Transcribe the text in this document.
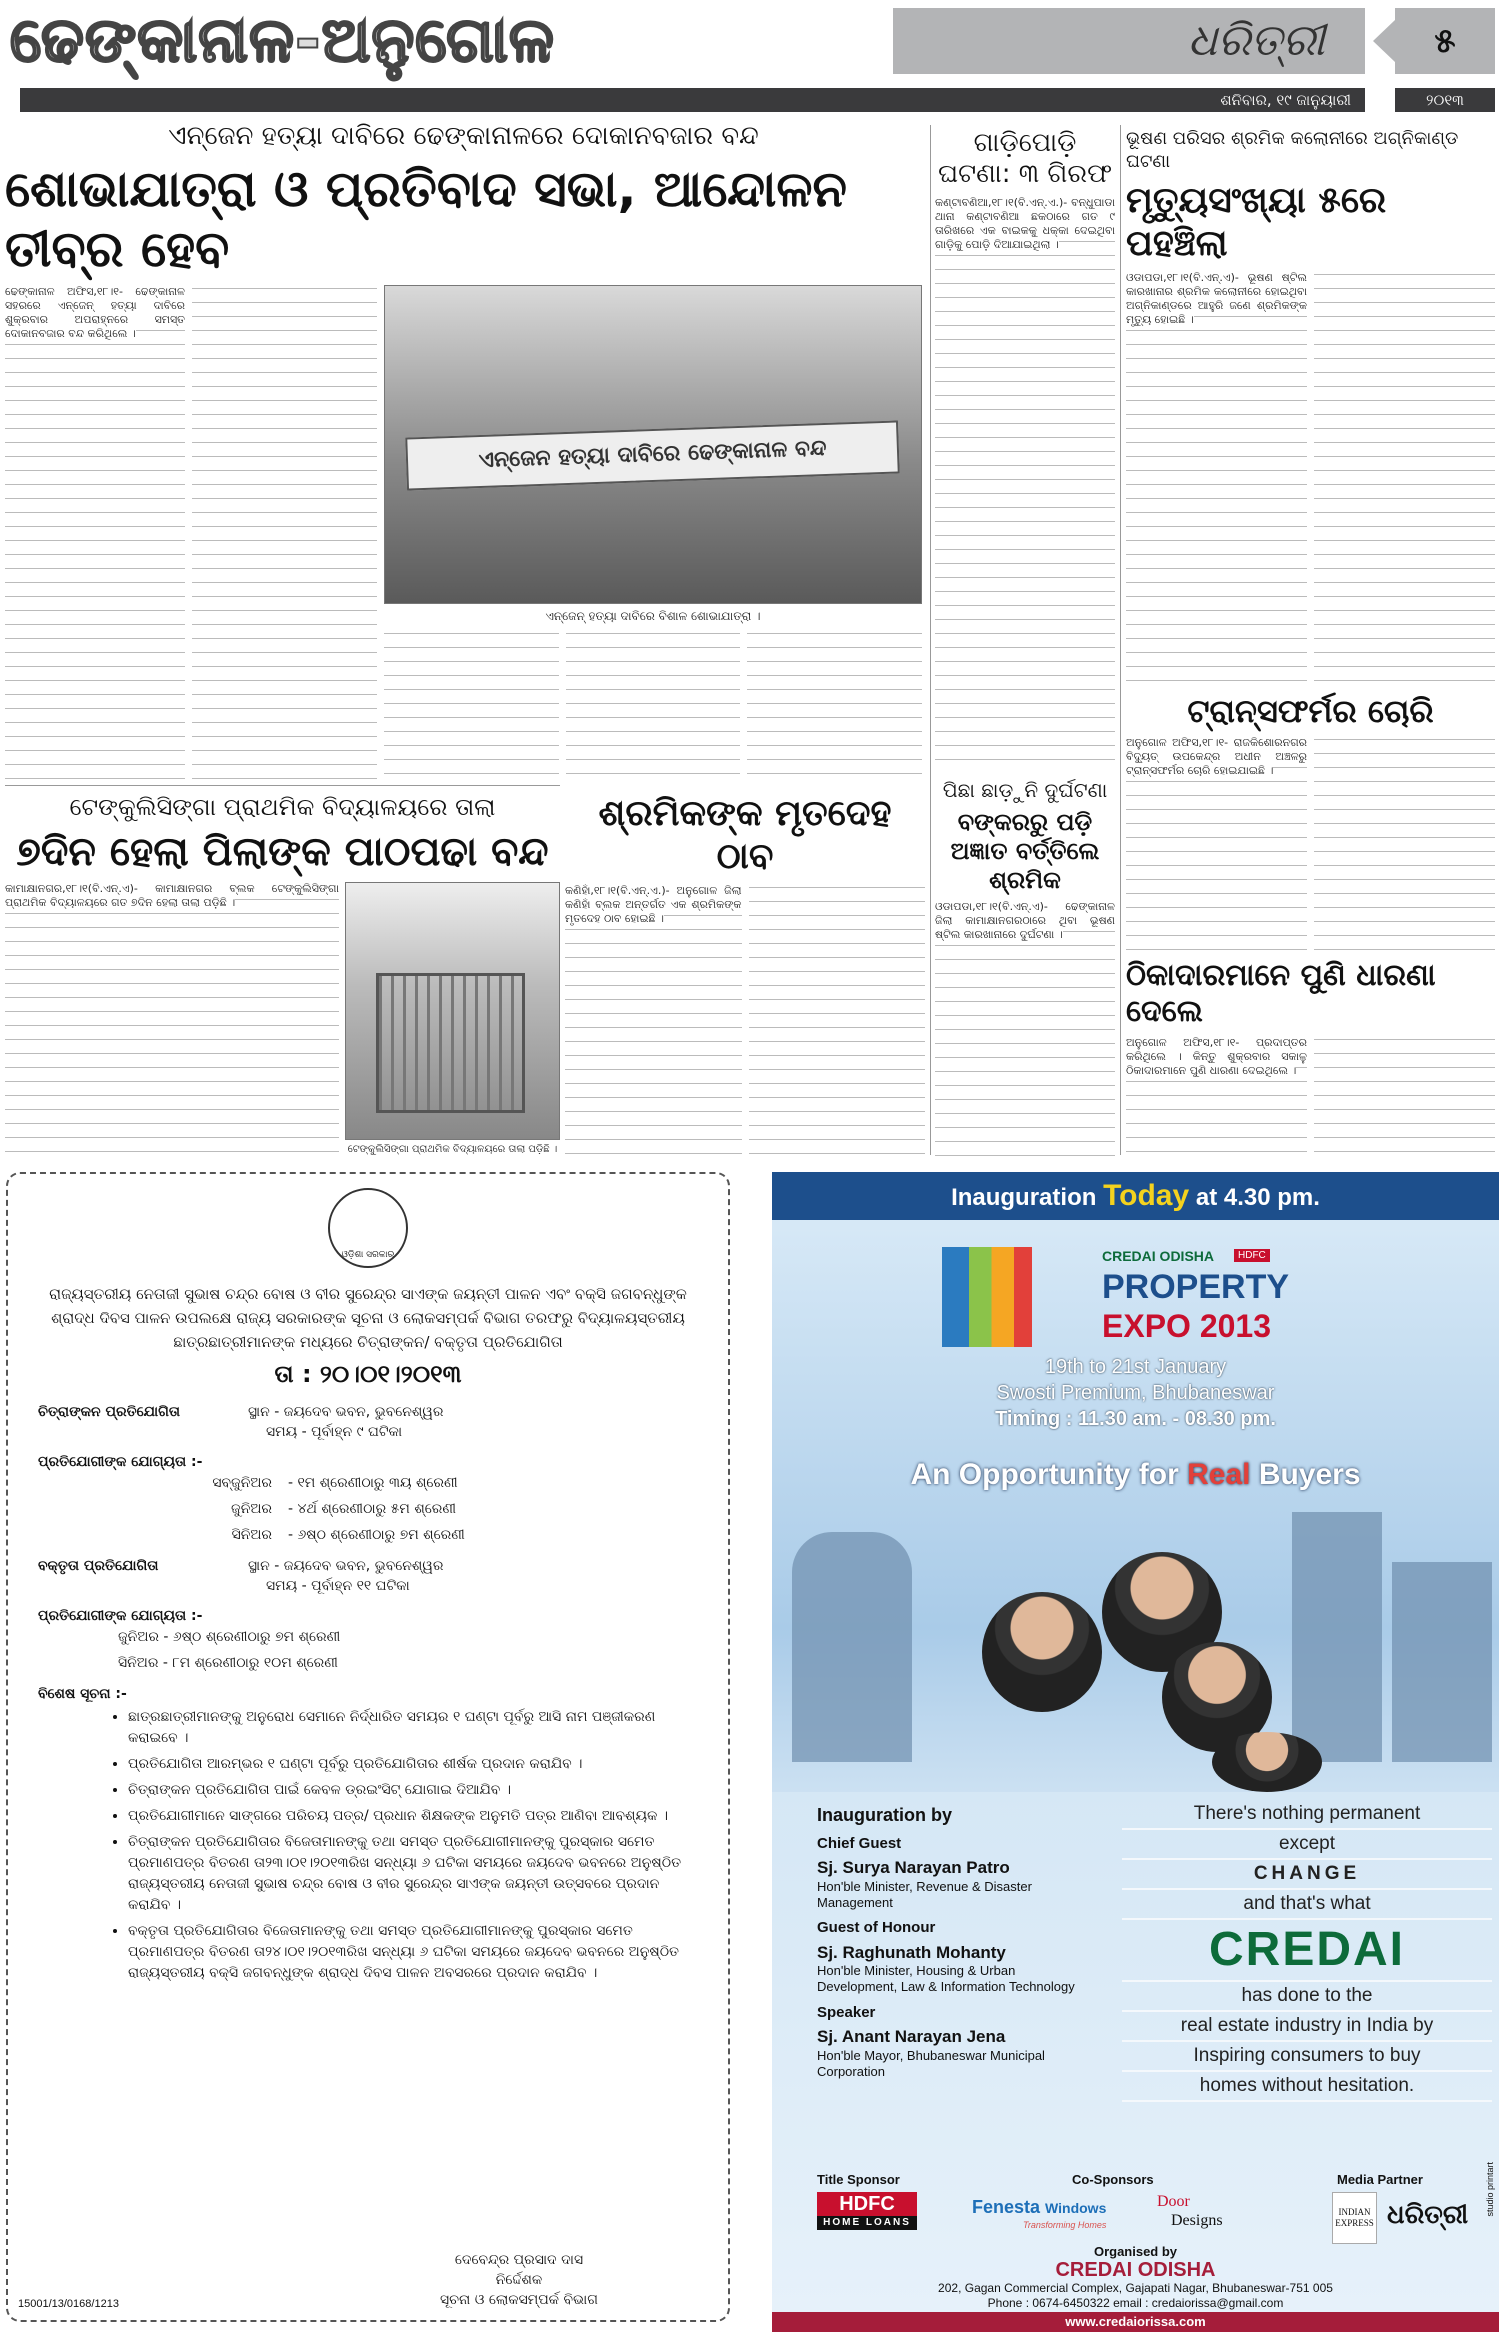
ଢେଙ୍କାନାଳ-ଅନୁଗୋଳ	ଧରିତ୍ରୀ	୫
ଶନିବାର, ୧୯ ଜାନୁୟାରୀ	୨୦୧୩
ଏନ୍‌ଜେନ ହତ୍ୟା ଦାବିରେ ଢେଙ୍କାନାଳରେ ଦୋକାନବଜାର ବନ୍ଦ
ଶୋଭାଯାତ୍ରା ଓ ପ୍ରତିବାଦ ସଭା, ଆନ୍ଦୋଳନ ତୀବ୍ର ହେବ
ଢେଙ୍କାନାଳ ଅଫିସ,୧୮।୧- ଢେଙ୍କାନାଳ ସହରରେ ଏନ୍‌ଜେନ୍ ହତ୍ୟା ଦାବିରେ ଶୁକ୍ରବାର ଅପରାହ୍ନରେ ସମସ୍ତ ଦୋକାନବଜାର ବନ୍ଦ କରିଥିଲେ ।
ଏନ୍‌ଜେନ ହତ୍ୟା ଦାବିରେ ଢେଙ୍କାନାଳ ବନ୍ଦ
ଏନ୍‌ଜେନ୍ ହତ୍ୟା ଦାବିରେ ବିଶାଳ ଶୋଭାଯାତ୍ରା ।
ଗାଡ଼ିପୋଡ଼ି ଘଟଣା: ୩ ଗିରଫ
କଣ୍ଟାବଣିଆ,୧୮।୧(ବି.ଏନ୍.ଏ.)- ବନ୍ଧୁପାଡା ଥାନା କଣ୍ଟାବଣିଆ ଛକଠାରେ ଗତ ୯ ତାରିଖରେ ଏକ ବାଇକକୁ ଧକ୍କା ଦେଇଥିବା ଗାଡ଼ିକୁ ପୋଡ଼ି ଦିଆଯାଇଥିଲା ।
ଭୂଷଣ ପରିସର ଶ୍ରମିକ କଲୋନୀରେ ଅଗ୍ନିକାଣ୍ଡ ଘଟଣା
ମୃତ୍ୟୁସଂଖ୍ୟା ୫ରେ ପହଞ୍ଚିଲା
ଓଡାପଡା,୧୮।୧(ବି.ଏନ୍.ଏ)- ଭୂଷଣ ଷ୍ଟିଲ କାରଖାନାର ଶ୍ରମିକ କଲୋନୀରେ ହୋଇଥିବା ଅଗ୍ନିକାଣ୍ଡରେ ଆହୁରି ଜଣେ ଶ୍ରମିକଙ୍କ ମୃତ୍ୟୁ ହୋଇଛି ।
ଟ୍ରାନ୍ସଫର୍ମର ଚୋରି
ଅନୁଗୋଳ ଅଫିସ,୧୮।୧- ରାଜକିଶୋରନଗର ବିଦ୍ୟୁତ୍ ଉପକେନ୍ଦ୍ର ଅଧୀନ ଅଞ୍ଚଳରୁ ଟ୍ରାନ୍ସଫର୍ମର ଚୋରି ହୋଇଯାଇଛି ।
ଠିକାଦାରମାନେ ପୁଣି ଧାରଣା ଦେଲେ
ଅନୁଗୋଳ ଅଫିସ,୧୮।୧- ପ୍ରଦାପ୍ତର କରିଥିଲେ । କିନ୍ତୁ ଶୁକ୍ରବାର ସକାଳୁ ଠିକାଦାରମାନେ ପୁଣି ଧାରଣା ଦେଇଥିଲେ ।
ଟେଙ୍କୁଲିସିଙ୍ଗା ପ୍ରାଥମିକ ବିଦ୍ୟାଳୟରେ ତାଲା
୭ଦିନ ହେଲା ପିଲାଙ୍କ ପାଠପଢା ବନ୍ଦ
କାମାକ୍ଷାନଗର,୧୮।୧(ବି.ଏନ୍.ଏ)- କାମାକ୍ଷାନଗର ବ୍ଲକ ଟେଙ୍କୁଲିସିଙ୍ଗା ପ୍ରାଥମିକ ବିଦ୍ୟାଳୟରେ ଗତ ୭ଦିନ ହେଲା ତାଲା ପଡ଼ିଛି ।
ଟେଙ୍କୁଲିସିଙ୍ଗା ପ୍ରାଥମିକ ବିଦ୍ୟାଳୟରେ ତାଲା ପଡ଼ିଛି ।
ଶ୍ରମିକଙ୍କ ମୃତଦେହ ଠାବ
କଣିହାଁ,୧୮।୧(ବି.ଏନ୍.ଏ.)- ଅନୁଗୋଳ ଜିଲା କଣିହାଁ ବ୍ଲକ ଅନ୍ତର୍ଗତ ଏକ ଶ୍ରମିକଙ୍କ ମୃତଦେହ ଠାବ ହୋଇଛି ।
ପିଛା ଛାଡ଼ୁନି ଦୁର୍ଘଟଣା
ବଙ୍କରରୁ ପଡ଼ି ଅଜ୍ଞାତ ବର୍ତ୍ତିଲେ ଶ୍ରମିକ
ଓଡାପଡା,୧୮।୧(ବି.ଏନ୍.ଏ)- ଢେଙ୍କାନାଳ ଜିଲା କାମାକ୍ଷାନଗରଠାରେ ଥିବା ଭୂଷଣ ଷ୍ଟିଲ କାରଖାନାରେ ଦୁର୍ଘଟଣା ।
ଓଡ଼ିଶା ସରକାର
ରାଜ୍ୟସ୍ତରୀୟ ନେତାଜୀ ସୁଭାଷ ଚନ୍ଦ୍ର ବୋଷ ଓ ବୀର ସୁରେନ୍ଦ୍ର ସାଏଙ୍କ ଜୟନ୍ତୀ ପାଳନ ଏବଂ ବକ୍ସି ଜଗବନ୍ଧୁଙ୍କ ଶ୍ରାଦ୍ଧ ଦିବସ ପାଳନ ଉପଲକ୍ଷେ ରାଜ୍ୟ ସରକାରଙ୍କ ସୂଚନା ଓ ଲୋକସମ୍ପର୍କ ବିଭାଗ ତରଫରୁ ବିଦ୍ୟାଳୟସ୍ତରୀୟ ଛାତ୍ରଛାତ୍ରୀମାନଙ୍କ ମଧ୍ୟରେ ଚିତ୍ରାଙ୍କନ/ ବକ୍ତୃତା ପ୍ରତିଯୋଗିତା
ତା : ୨୦।୦୧।୨୦୧୩
ଚିତ୍ରାଙ୍କନ ପ୍ରତିଯୋଗିତା	ସ୍ଥାନ - ଜୟଦେବ ଭବନ, ଭୁବନେଶ୍ୱର
ସମୟ - ପୂର୍ବାହ୍ନ ୯ ଘଟିକା
ପ୍ରତିଯୋଗୀଙ୍କ ଯୋଗ୍ୟତା :-
ସବ୍‌ଜୁନିଅର	- ୧ମ ଶ୍ରେଣୀଠାରୁ ୩ୟ ଶ୍ରେଣୀ
ଜୁନିଅର	- ୪ର୍ଥ ଶ୍ରେଣୀଠାରୁ ୫ମ ଶ୍ରେଣୀ
ସିନିଅର	- ୬ଷ୍ଠ ଶ୍ରେଣୀଠାରୁ ୭ମ ଶ୍ରେଣୀ
ବକ୍ତୃତା ପ୍ରତିଯୋଗିତା	ସ୍ଥାନ - ଜୟଦେବ ଭବନ, ଭୁବନେଶ୍ୱର
ସମୟ - ପୂର୍ବାହ୍ନ ୧୧ ଘଟିକା
ପ୍ରତିଯୋଗୀଙ୍କ ଯୋଗ୍ୟତା :-
ଜୁନିଅର - ୬ଷ୍ଠ ଶ୍ରେଣୀଠାରୁ ୭ମ ଶ୍ରେଣୀ
ସିନିଅର - ୮ମ ଶ୍ରେଣୀଠାରୁ ୧୦ମ ଶ୍ରେଣୀ
ବିଶେଷ ସୂଚନା :-
• ଛାତ୍ରଛାତ୍ରୀମାନଙ୍କୁ ଅନୁରୋଧ ସେମାନେ ନିର୍ଦ୍ଧାରିତ ସମୟର ୧ ଘଣ୍ଟା ପୂର୍ବରୁ ଆସି ନାମ ପଞ୍ଜୀକରଣ କରାଇବେ ।
• ପ୍ରତିଯୋଗିତା ଆରମ୍ଭର ୧ ଘଣ୍ଟା ପୂର୍ବରୁ ପ୍ରତିଯୋଗିତାର ଶୀର୍ଷକ ପ୍ରଦାନ କରାଯିବ ।
• ଚିତ୍ରାଙ୍କନ ପ୍ରତିଯୋଗିତା ପାଇଁ କେବଳ ଡ୍ରଇଂସିଟ୍ ଯୋଗାଇ ଦିଆଯିବ ।
• ପ୍ରତିଯୋଗୀମାନେ ସାଙ୍ଗରେ ପରିଚୟ ପତ୍ର/ ପ୍ରଧାନ ଶିକ୍ଷକଙ୍କ ଅନୁମତି ପତ୍ର ଆଣିବା ଆବଶ୍ୟକ ।
• ଚିତ୍ରାଙ୍କନ ପ୍ରତିଯୋଗିତାର ବିଜେତାମାନଙ୍କୁ ତଥା ସମସ୍ତ ପ୍ରତିଯୋଗୀମାନଙ୍କୁ ପୁରସ୍କାର ସମେତ ପ୍ରମାଣପତ୍ର ବିତରଣ ତା୨୩।୦୧।୨୦୧୩ରିଖ ସନ୍ଧ୍ୟା ୬ ଘଟିକା ସମୟରେ ଜୟଦେବ ଭବନରେ ଅନୁଷ୍ଠିତ ରାଜ୍ୟସ୍ତରୀୟ ନେତାଜୀ ସୁଭାଷ ଚନ୍ଦ୍ର ବୋଷ ଓ ବୀର ସୁରେନ୍ଦ୍ର ସାଏଙ୍କ ଜୟନ୍ତୀ ଉତ୍ସବରେ ପ୍ରଦାନ କରାଯିବ ।
• ବକ୍ତୃତା ପ୍ରତିଯୋଗିତାର ବିଜେତାମାନଙ୍କୁ ତଥା ସମସ୍ତ ପ୍ରତିଯୋଗୀମାନଙ୍କୁ ପୁରସ୍କାର ସମେତ ପ୍ରମାଣପତ୍ର ବିତରଣ ତା୨୪।୦୧।୨୦୧୩ରିଖ ସନ୍ଧ୍ୟା ୬ ଘଟିକା ସମୟରେ ଜୟଦେବ ଭବନରେ ଅନୁଷ୍ଠିତ ରାଜ୍ୟସ୍ତରୀୟ ବକ୍ସି ଜଗବନ୍ଧୁଙ୍କ ଶ୍ରାଦ୍ଧ ଦିବସ ପାଳନ ଅବସରରେ ପ୍ରଦାନ କରାଯିବ ।
15001/13/0168/1213
ଦେବେନ୍ଦ୍ର ପ୍ରସାଦ ଦାସ
ନିର୍ଦ୍ଦେଶକ
ସୂଚନା ଓ ଲୋକସମ୍ପର୍କ ବିଭାଗ
Inauguration Today at 4.30 pm.
CREDAI ODISHA	HDFC
PROPERTY
EXPO 2013
19th to 21st January
Swosti Premium, Bhubaneswar
Timing : 11.30 am. - 08.30 pm.
An Opportunity for Real Buyers
Inauguration by
Chief Guest
Sj. Surya Narayan Patro
Hon'ble Minister, Revenue & Disaster Management
Guest of Honour
Sj. Raghunath Mohanty
Hon'ble Minister, Housing & Urban Development, Law & Information Technology
Speaker
Sj. Anant Narayan Jena
Hon'ble Mayor, Bhubaneswar Municipal Corporation
There's nothing permanent
except
CHANGE
and that's what
CREDAI
has done to the
real estate industry in India by
Inspiring consumers to buy
homes without hesitation.
Title Sponsor
HDFC
HOME LOANS
Co-Sponsors
Fenesta Windows
Transforming Homes
Door
Designs
Media Partner
INDIAN EXPRESS ଧରିତ୍ରୀ
Organised by
CREDAI ODISHA
202, Gagan Commercial Complex, Gajapati Nagar, Bhubaneswar-751 005
Phone : 0674-6450322 email : credaiorissa@gmail.com
studio printart
www.credaiorissa.com
